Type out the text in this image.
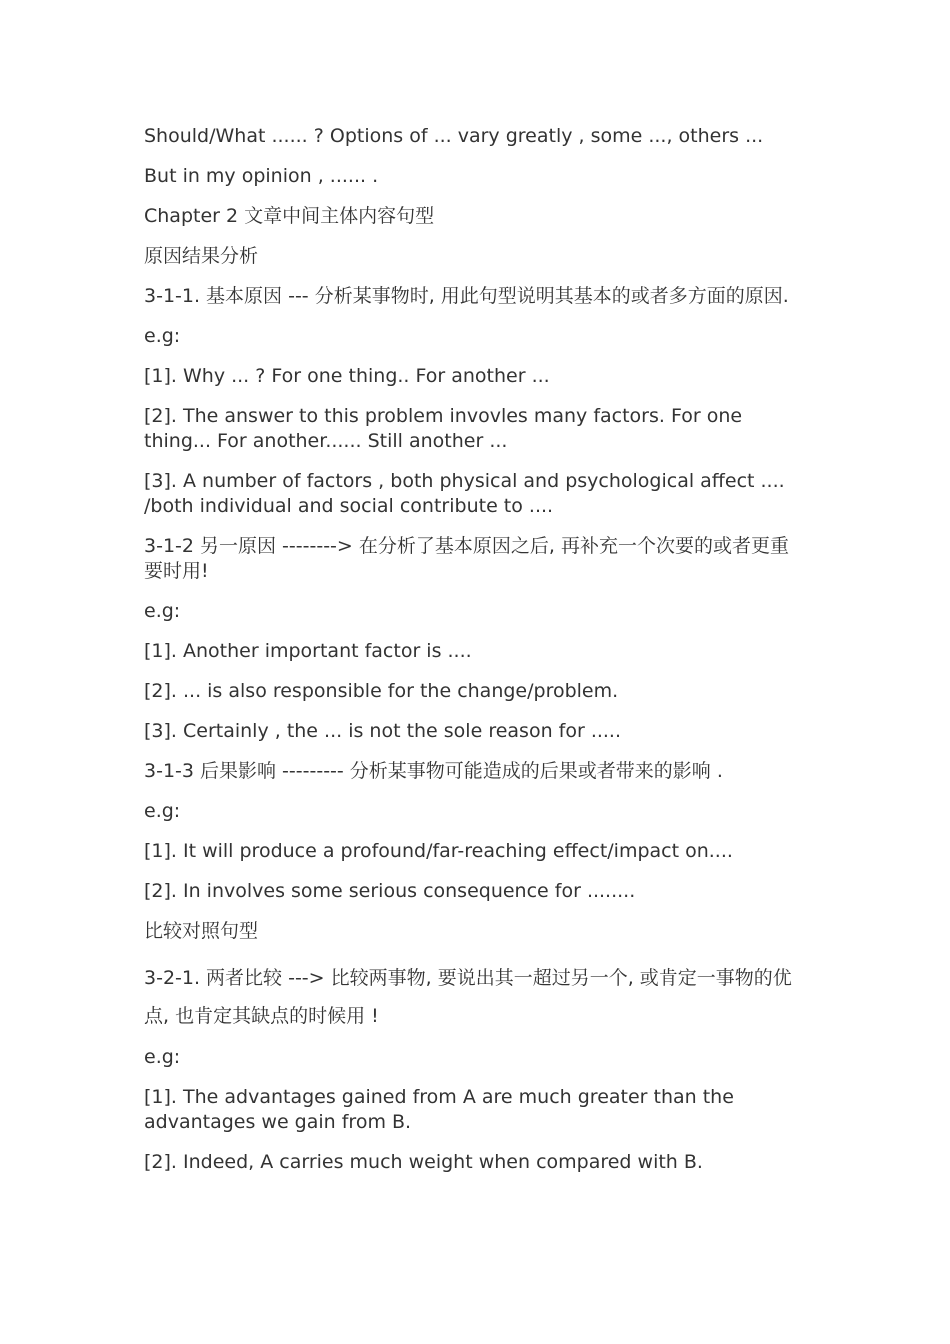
Should/What ...... ? Options of ... vary greatly , some ..., others ...
But in my opinion , ...... .
Chapter 2 文章中间主体内容句型
原因结果分析
3-1-1. 基本原因 --- 分析某事物时, 用此句型说明其基本的或者多方面的原因.
e.g:
[1]. Why ... ? For one thing.. For another ...
[2]. The answer to this problem invovles many factors. For one thing... For another...... Still another ...
[3]. A number of factors , both physical and psychological affect .... /both individual and social contribute to ....
3-1-2 另一原因 --------> 在分析了基本原因之后, 再补充一个次要的或者更重要时用!
e.g:
[1]. Another important factor is ....
[2]. ... is also responsible for the change/problem.
[3]. Certainly , the ... is not the sole reason for .....
3-1-3 后果影响 --------- 分析某事物可能造成的后果或者带来的影响 .
e.g:
[1]. It will produce a profound/far-reaching effect/impact on....
[2]. In involves some serious consequence for ........
比较对照句型
3-2-1. 两者比较 ---> 比较两事物, 要说出其一超过另一个, 或肯定一事物的优点, 也肯定其缺点的时候用 !
e.g:
[1]. The advantages gained from A are much greater than the advantages we gain from B.
[2]. Indeed, A carries much weight when compared with B.
